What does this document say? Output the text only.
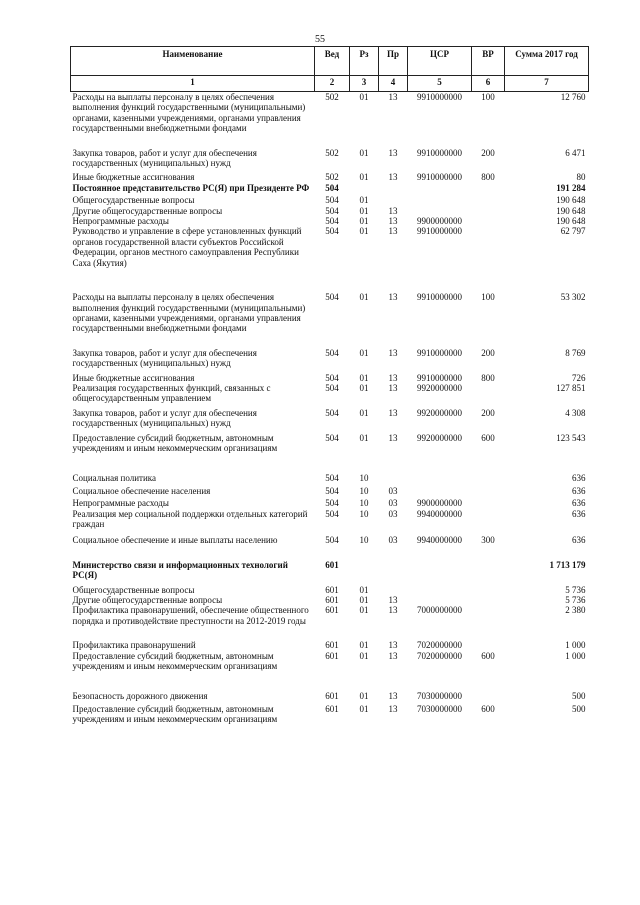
55
Наименование	Вед	Рз	Пр	ЦСР	ВР	Сумма 2017 год
1	2	3	4	5	6	7
Расходы на выплаты персоналу в целях обеспечения выполнения функций государственными (муниципальными) органами, казенными учреждениями, органами управления государственными внебюджетными фондами	502	01	13	9910000000	100	12 760
Закупка товаров, работ и услуг для обеспечения государственных (муниципальных) нужд	502	01	13	9910000000	200	6 471
Иные бюджетные ассигнования	502	01	13	9910000000	800	80
Постоянное представительство РС(Я) при Президенте РФ	504					191 284
Общегосударственные вопросы	504	01				190 648
Другие общегосударственные вопросы	504	01	13			190 648
Непрограммные расходы	504	01	13	9900000000		190 648
Руководство и управление в сфере установленных функций органов государственной власти субъектов Российской Федерации, органов местного самоуправления Республики Саха (Якутия)	504	01	13	9910000000		62 797
Расходы на выплаты персоналу в целях обеспечения выполнения функций государственными (муниципальными) органами, казенными учреждениями, органами управления государственными внебюджетными фондами	504	01	13	9910000000	100	53 302
Закупка товаров, работ и услуг для обеспечения государственных (муниципальных) нужд	504	01	13	9910000000	200	8 769
Иные бюджетные ассигнования	504	01	13	9910000000	800	726
Реализация государственных функций, связанных с общегосударственным управлением	504	01	13	9920000000		127 851
Закупка товаров, работ и услуг для обеспечения государственных (муниципальных) нужд	504	01	13	9920000000	200	4 308
Предоставление субсидий бюджетным, автономным учреждениям и иным некоммерческим организациям	504	01	13	9920000000	600	123 543
Социальная политика	504	10				636
Социальное обеспечение населения	504	10	03			636
Непрограммные расходы	504	10	03	9900000000		636
Реализация мер социальной поддержки отдельных категорий граждан	504	10	03	9940000000		636
Социальное обеспечение и иные выплаты населению	504	10	03	9940000000	300	636
Министерство связи и информационных технологий РС(Я)	601					1 713 179
Общегосударственные вопросы	601	01				5 736
Другие общегосударственные вопросы	601	01	13			5 736
Профилактика правонарушений, обеспечение общественного порядка и противодействие преступности на 2012-2019 годы	601	01	13	7000000000		2 380
Профилактика правонарушений	601	01	13	7020000000		1 000
Предоставление субсидий бюджетным, автономным учреждениям и иным некоммерческим организациям	601	01	13	7020000000	600	1 000
Безопасность дорожного движения	601	01	13	7030000000		500
Предоставление субсидий бюджетным, автономным учреждениям и иным некоммерческим организациям	601	01	13	7030000000	600	500
